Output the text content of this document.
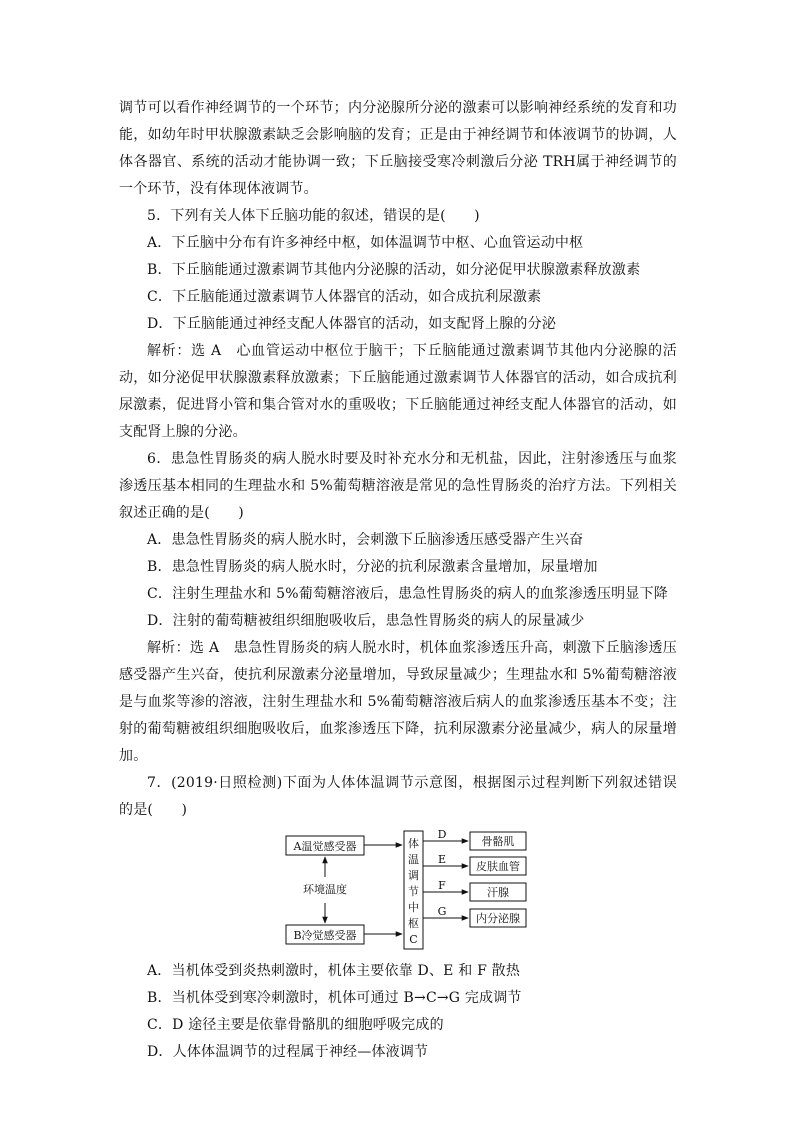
调节可以看作神经调节的一个环节；内分泌腺所分泌的激素可以影响神经系统的发育和功能，如幼年时甲状腺激素缺乏会影响脑的发育；正是由于神经调节和体液调节的协调，人体各器官、系统的活动才能协调一致；下丘脑接受寒冷刺激后分泌 TRH属于神经调节的一个环节，没有体现体液调节。

5．下列有关人体下丘脑功能的叙述，错误的是(　　)

A．下丘脑中分布有许多神经中枢，如体温调节中枢、心血管运动中枢

B．下丘脑能通过激素调节其他内分泌腺的活动，如分泌促甲状腺激素释放激素

C．下丘脑能通过激素调节人体器官的活动，如合成抗利尿激素

D．下丘脑能通过神经支配人体器官的活动，如支配肾上腺的分泌

解析：选 A　心血管运动中枢位于脑干；下丘脑能通过激素调节其他内分泌腺的活动，如分泌促甲状腺激素释放激素；下丘脑能通过激素调节人体器官的活动，如合成抗利尿激素，促进肾小管和集合管对水的重吸收；下丘脑能通过神经支配人体器官的活动，如支配肾上腺的分泌。

6．患急性胃肠炎的病人脱水时要及时补充水分和无机盐，因此，注射渗透压与血浆渗透压基本相同的生理盐水和 5%葡萄糖溶液是常见的急性胃肠炎的治疗方法。下列相关叙述正确的是(　　)

A．患急性胃肠炎的病人脱水时，会刺激下丘脑渗透压感受器产生兴奋

B．患急性胃肠炎的病人脱水时，分泌的抗利尿激素含量增加，尿量增加

C．注射生理盐水和 5%葡萄糖溶液后，患急性胃肠炎的病人的血浆渗透压明显下降

D．注射的葡萄糖被组织细胞吸收后，患急性胃肠炎的病人的尿量减少

解析：选 A　患急性胃肠炎的病人脱水时，机体血浆渗透压升高，刺激下丘脑渗透压感受器产生兴奋，使抗利尿激素分泌量增加，导致尿量减少；生理盐水和 5%葡萄糖溶液是与血浆等渗的溶液，注射生理盐水和 5%葡萄糖溶液后病人的血浆渗透压基本不变；注射的葡萄糖被组织细胞吸收后，血浆渗透压下降，抗利尿激素分泌量减少，病人的尿量增加。

7．(2019·日照检测)下面为人体体温调节示意图，根据图示过程判断下列叙述错误的是(　　)

A温觉感受器
B冷觉感受器
环境温度
体
温
调
节
中
枢
C
D
骨骼肌
E
皮肤血管
F
汗腺
G
内分泌腺

A．当机体受到炎热刺激时，机体主要依靠 D、E 和 F 散热

B．当机体受到寒冷刺激时，机体可通过 B→C→G 完成调节

C．D 途径主要是依靠骨骼肌的细胞呼吸完成的

D．人体体温调节的过程属于神经—体液调节
